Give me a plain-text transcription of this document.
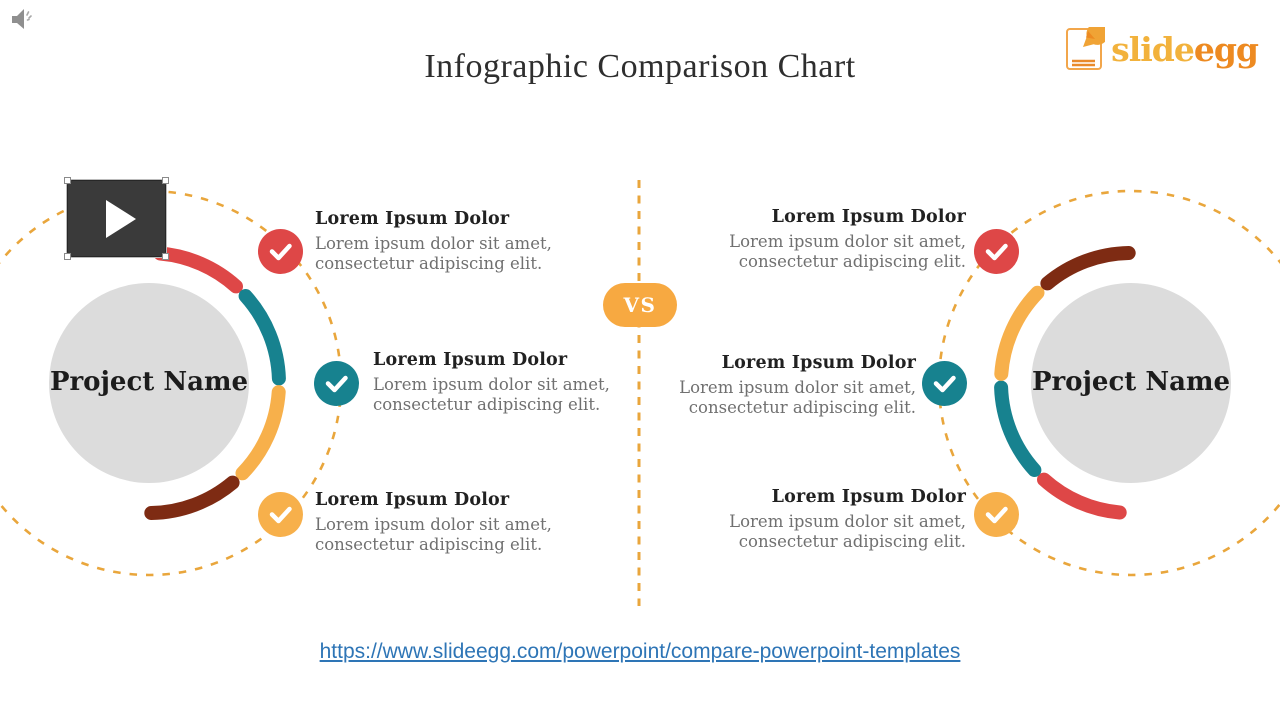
Infographic Comparison Chart	slideegg
Project Name	Project Name
Lorem Ipsum Dolor
Lorem ipsum dolor sit amet,
consectetur adipiscing elit.
Lorem Ipsum Dolor
Lorem ipsum dolor sit amet,
consectetur adipiscing elit.
Lorem Ipsum Dolor
Lorem ipsum dolor sit amet,
consectetur adipiscing elit.
Lorem Ipsum Dolor
Lorem ipsum dolor sit amet,
consectetur adipiscing elit.
Lorem Ipsum Dolor
Lorem ipsum dolor sit amet,
consectetur adipiscing elit.
Lorem Ipsum Dolor
Lorem ipsum dolor sit amet,
consectetur adipiscing elit.
VS
https://www.slideegg.com/powerpoint/compare-powerpoint-templates
